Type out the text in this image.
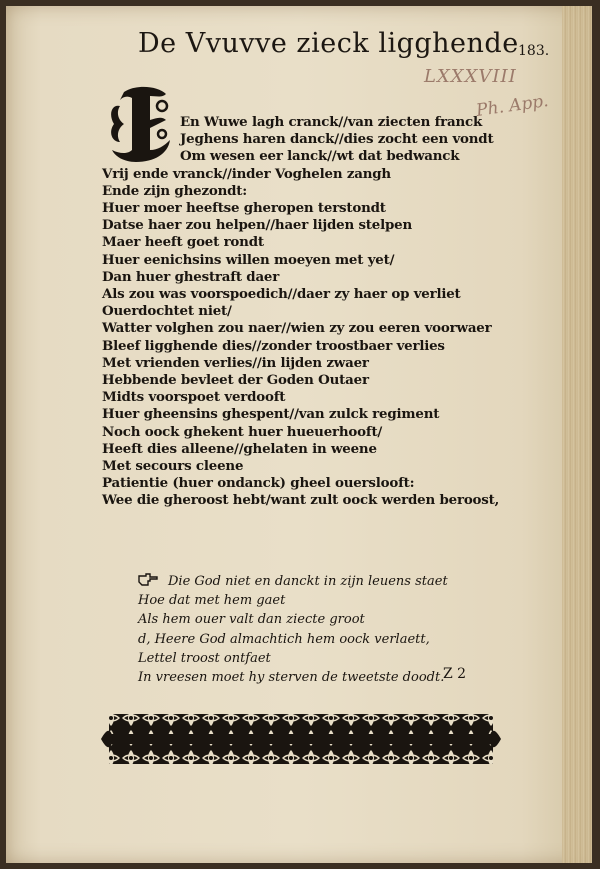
De Vvuvve zieck ligghende 183.
LXXXVIII
Ph. App.
En Wuwe lagh cranck//van ziecten franck
Jeghens haren danck//dies zocht een vondt
Om wesen eer lanck//wt dat bedwanck
Vrij ende vranck//inder Voghelen zangh
Ende zijn ghezondt:
Huer moer heeftse gheropen terstondt
Datse haer zou helpen//haer lijden stelpen
Maer heeft goet rondt
Huer eenichsins willen moeyen met yet/
Dan huer ghestraft daer
Als zou was voorspoedich//daer zy haer op verliet
Ouerdochtet niet/
Watter volghen zou naer//wien zy zou eeren voorwaer
Bleef ligghende dies//zonder troostbaer verlies
Met vrienden verlies//in lijden zwaer
Hebbende bevleet der Goden Outaer
Midts voorspoet verdooft
Huer gheensins ghespent//van zulck regiment
Noch oock ghekent huer hueuerhooft/
Heeft dies alleene//ghelaten in weene
Met secours cleene
Patientie (huer ondanck) gheel ouerslooft:
Wee die gheroost hebt/want zult oock werden beroost,
Die God niet en danckt in zijn leuens staet
Hoe dat met hem gaet
Als hem ouer valt dan ziecte groot
d, Heere God almachtich hem oock verlaett,
Lettel troost ontfaet
In vreesen moet hy sterven de tweetste doodt.
Z 2
